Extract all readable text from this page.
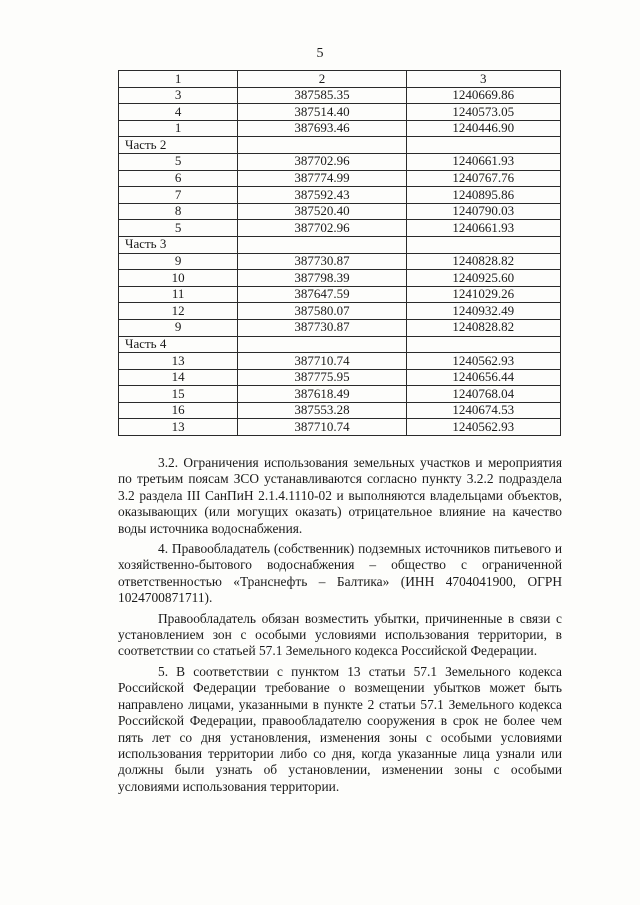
5
1	2	3
3	387585.35	1240669.86
4	387514.40	1240573.05
1	387693.46	1240446.90
Часть 2		
5	387702.96	1240661.93
6	387774.99	1240767.76
7	387592.43	1240895.86
8	387520.40	1240790.03
5	387702.96	1240661.93
Часть 3		
9	387730.87	1240828.82
10	387798.39	1240925.60
11	387647.59	1241029.26
12	387580.07	1240932.49
9	387730.87	1240828.82
Часть 4		
13	387710.74	1240562.93
14	387775.95	1240656.44
15	387618.49	1240768.04
16	387553.28	1240674.53
13	387710.74	1240562.93

3.2. Ограничения использования земельных участков и мероприятия по третьим поясам ЗСО устанавливаются согласно пункту 3.2.2 подраздела 3.2 раздела III СанПиН 2.1.4.1110-02 и выполняются владельцами объектов, оказывающих (или могущих оказать) отрицательное влияние на качество воды источника водоснабжения.

4. Правообладатель (собственник) подземных источников питьевого и хозяйственно-бытового водоснабжения – общество с ограниченной ответственностью «Транснефть – Балтика» (ИНН 4704041900, ОГРН 1024700871711).

Правообладатель обязан возместить убытки, причиненные в связи с установлением зон с особыми условиями использования территории, в соответствии со статьей 57.1 Земельного кодекса Российской Федерации.

5. В соответствии с пунктом 13 статьи 57.1 Земельного кодекса Российской Федерации требование о возмещении убытков может быть направлено лицами, указанными в пункте 2 статьи 57.1 Земельного кодекса Российской Федерации, правообладателю сооружения в срок не более чем пять лет со дня установления, изменения зоны с особыми условиями использования территории либо со дня, когда указанные лица узнали или должны были узнать об установлении, изменении зоны с особыми условиями использования территории.
